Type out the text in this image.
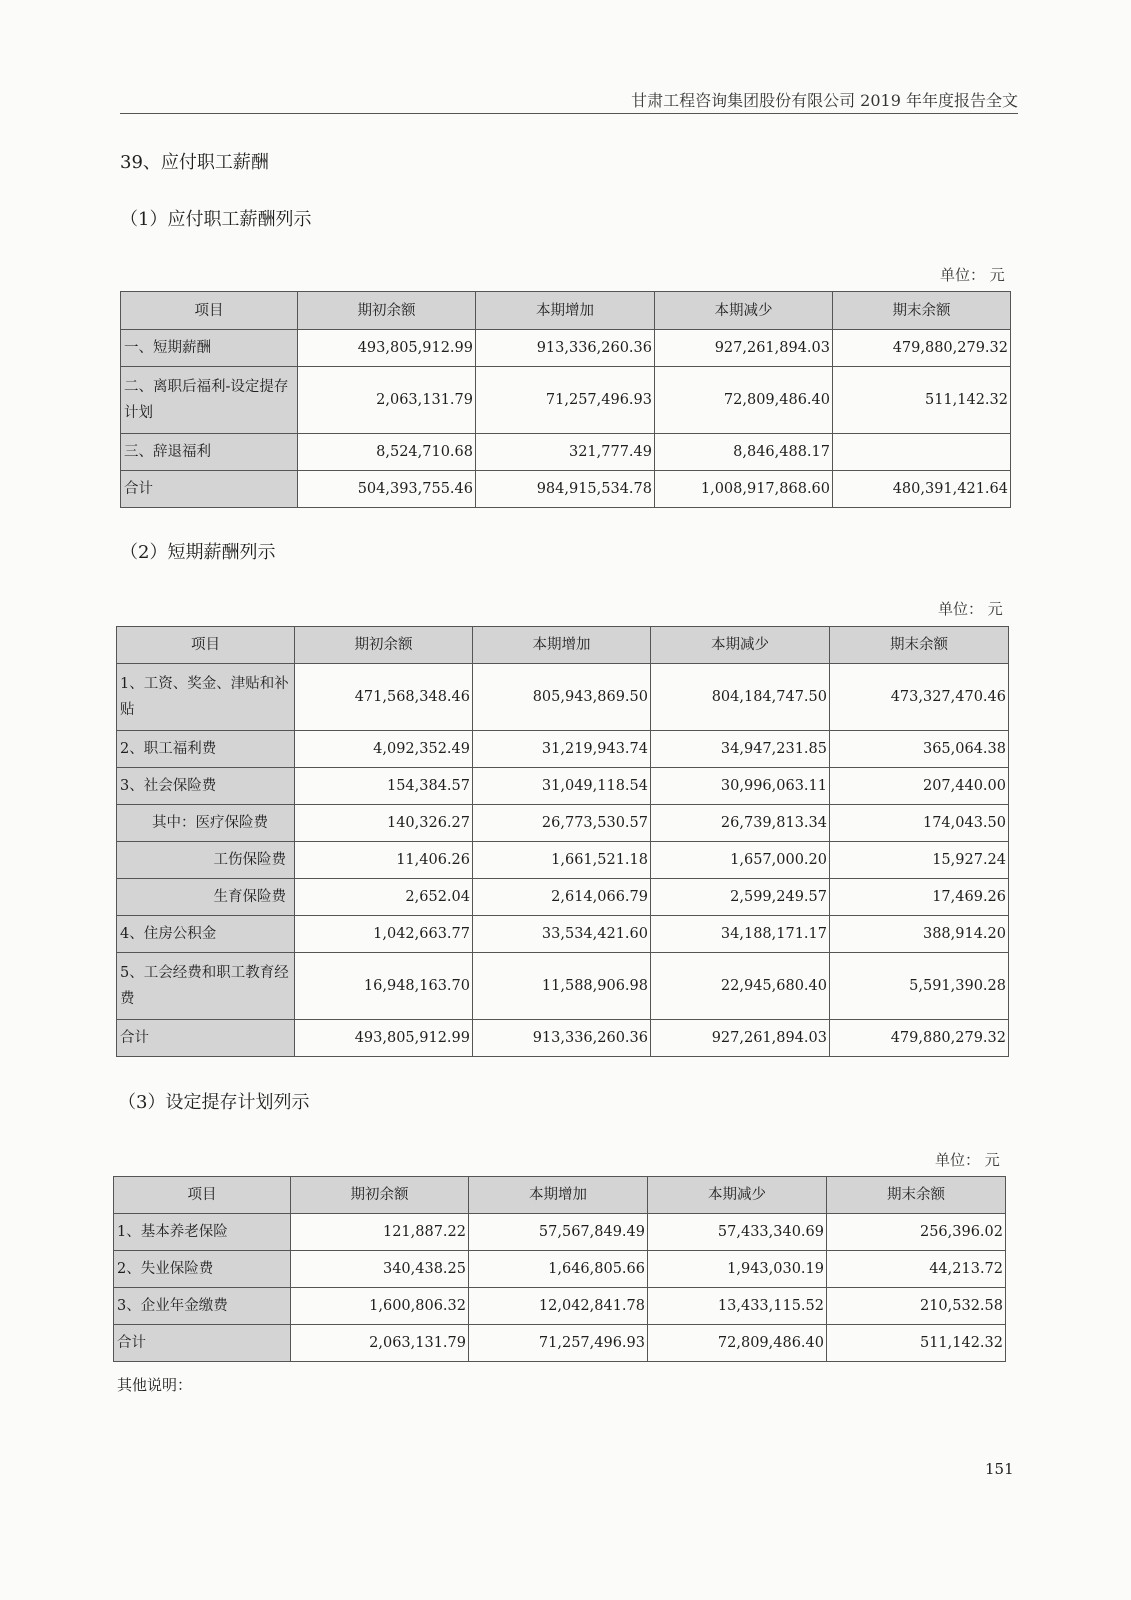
甘肃工程咨询集团股份有限公司 2019 年年度报告全文
39、应付职工薪酬
（1）应付职工薪酬列示
单位： 元
项目	期初余额	本期增加	本期减少	期末余额
一、短期薪酬	493,805,912.99	913,336,260.36	927,261,894.03	479,880,279.32
二、离职后福利-设定提存计划	2,063,131.79	71,257,496.93	72,809,486.40	511,142.32
三、辞退福利	8,524,710.68	321,777.49	8,846,488.17	
合计	504,393,755.46	984,915,534.78	1,008,917,868.60	480,391,421.64
（2）短期薪酬列示
单位： 元
项目	期初余额	本期增加	本期减少	期末余额
1、工资、奖金、津贴和补贴	471,568,348.46	805,943,869.50	804,184,747.50	473,327,470.46
2、职工福利费	4,092,352.49	31,219,943.74	34,947,231.85	365,064.38
3、社会保险费	154,384.57	31,049,118.54	30,996,063.11	207,440.00
其中：医疗保险费	140,326.27	26,773,530.57	26,739,813.34	174,043.50
工伤保险费	11,406.26	1,661,521.18	1,657,000.20	15,927.24
生育保险费	2,652.04	2,614,066.79	2,599,249.57	17,469.26
4、住房公积金	1,042,663.77	33,534,421.60	34,188,171.17	388,914.20
5、工会经费和职工教育经费	16,948,163.70	11,588,906.98	22,945,680.40	5,591,390.28
合计	493,805,912.99	913,336,260.36	927,261,894.03	479,880,279.32
（3）设定提存计划列示
单位： 元
项目	期初余额	本期增加	本期减少	期末余额
1、基本养老保险	121,887.22	57,567,849.49	57,433,340.69	256,396.02
2、失业保险费	340,438.25	1,646,805.66	1,943,030.19	44,213.72
3、企业年金缴费	1,600,806.32	12,042,841.78	13,433,115.52	210,532.58
合计	2,063,131.79	71,257,496.93	72,809,486.40	511,142.32
其他说明：
151
